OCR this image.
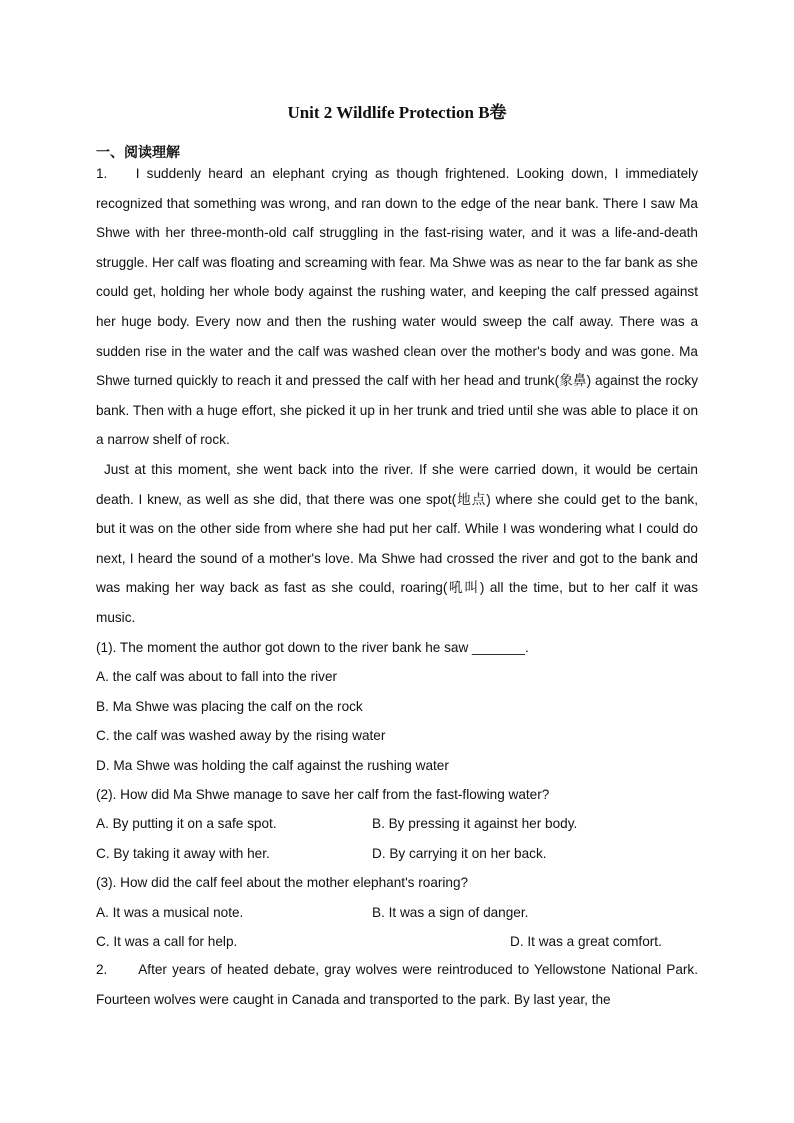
Unit 2 Wildlife Protection B卷
一、阅读理解

1. I suddenly heard an elephant crying as though frightened. Looking down, I immediately recognized that something was wrong, and ran down to the edge of the near bank. There I saw Ma Shwe with her three-month-old calf struggling in the fast-rising water, and it was a life-and-death struggle. Her calf was floating and screaming with fear. Ma Shwe was as near to the far bank as she could get, holding her whole body against the rushing water, and keeping the calf pressed against her huge body. Every now and then the rushing water would sweep the calf away. There was a sudden rise in the water and the calf was washed clean over the mother's body and was gone. Ma Shwe turned quickly to reach it and pressed the calf with her head and trunk(象鼻) against the rocky bank. Then with a huge effort, she picked it up in her trunk and tried until she was able to place it on a narrow shelf of rock.

Just at this moment, she went back into the river. If she were carried down, it would be certain death. I knew, as well as she did, that there was one spot(地点) where she could get to the bank, but it was on the other side from where she had put her calf. While I was wondering what I could do next, I heard the sound of a mother's love. Ma Shwe had crossed the river and got to the bank and was making her way back as fast as she could, roaring(吼叫) all the time, but to her calf it was music.

(1). The moment the author got down to the river bank he saw _______.
A. the calf was about to fall into the river
B. Ma Shwe was placing the calf on the rock
C. the calf was washed away by the rising water
D. Ma Shwe was holding the calf against the rushing water
(2). How did Ma Shwe manage to save her calf from the fast-flowing water?
A. By putting it on a safe spot.	B. By pressing it against her body.
C. By taking it away with her.	D. By carrying it on her back.
(3). How did the calf feel about the mother elephant's roaring?
A. It was a musical note.	B. It was a sign of danger.
C. It was a call for help.	D. It was a great comfort.

2. After years of heated debate, gray wolves were reintroduced to Yellowstone National Park. Fourteen wolves were caught in Canada and transported to the park. By last year, the
